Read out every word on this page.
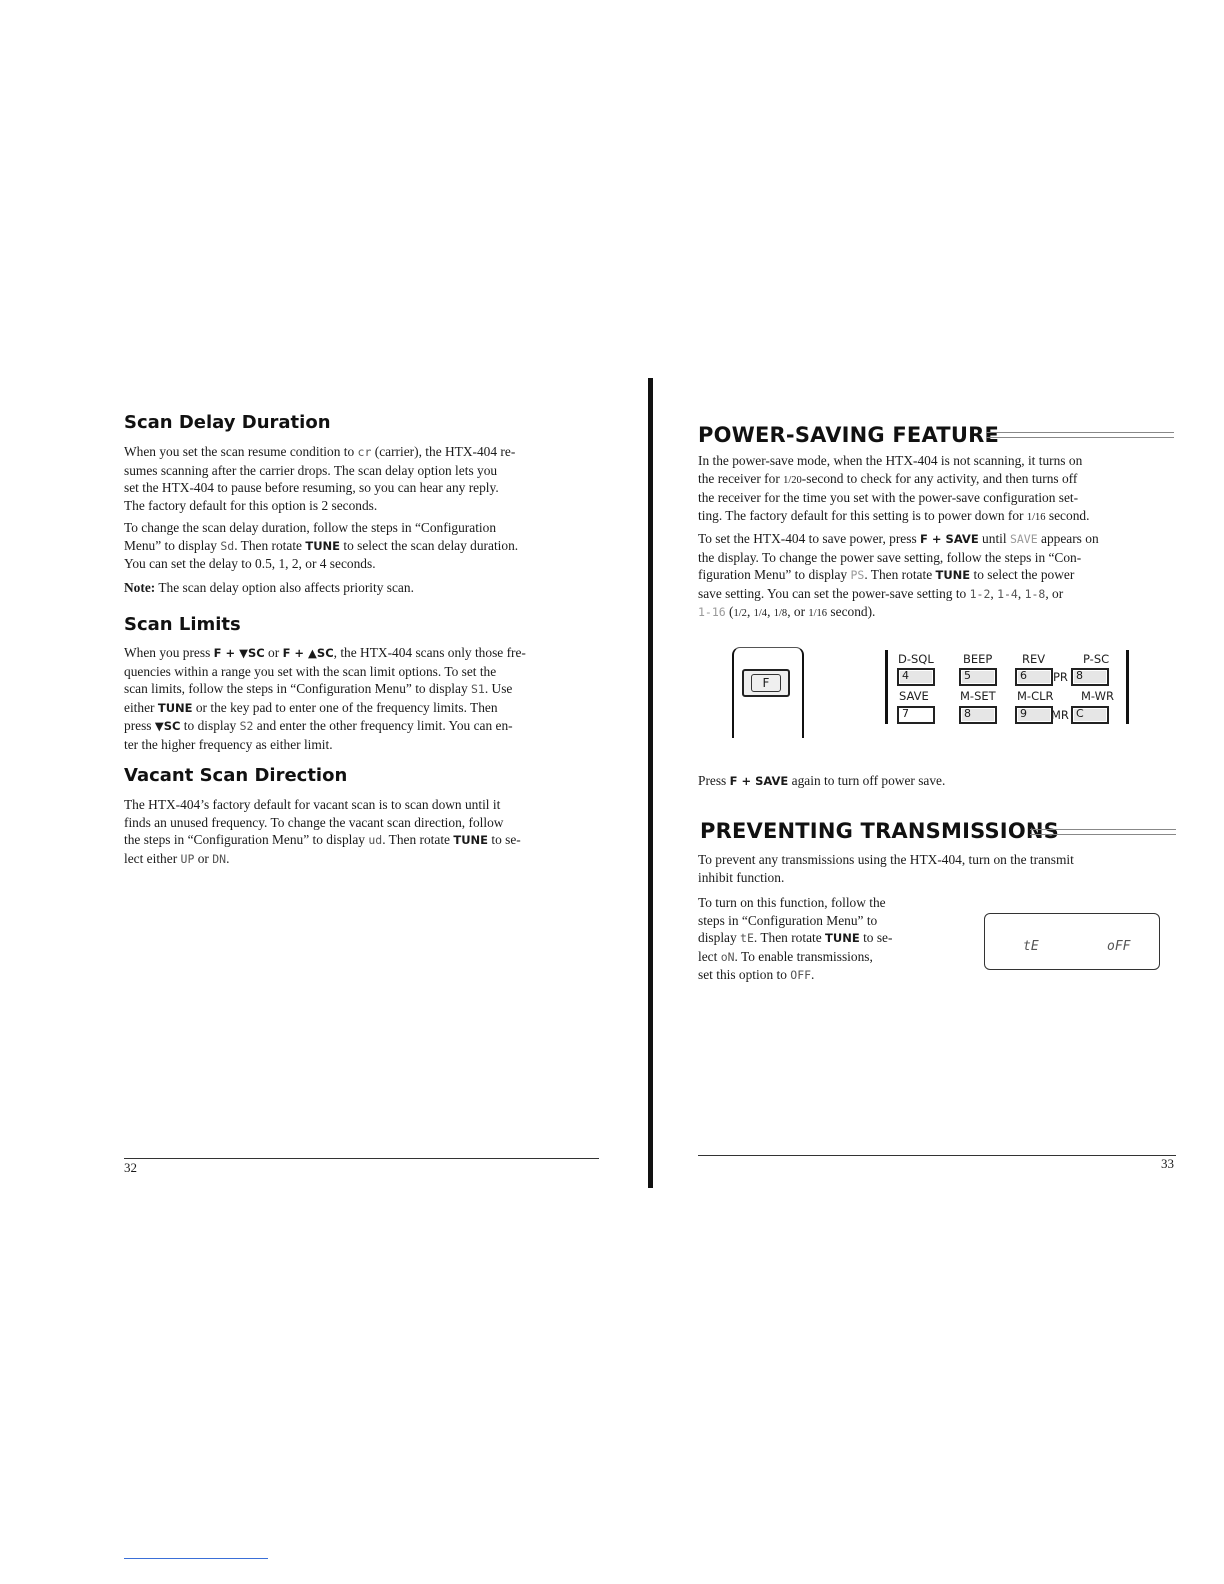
Scan Delay Duration

When you set the scan resume condition to cr (carrier), the HTX-404 re-
sumes scanning after the carrier drops. The scan delay option lets you
set the HTX-404 to pause before resuming, so you can hear any reply.
The factory default for this option is 2 seconds.

To change the scan delay duration, follow the steps in “Configuration
Menu” to display Sd. Then rotate TUNE to select the scan delay duration.
You can set the delay to 0.5, 1, 2, or 4 seconds.

Note: The scan delay option also affects priority scan.

Scan Limits

When you press F + ▼SC or F + ▲SC, the HTX-404 scans only those fre-
quencies within a range you set with the scan limit options. To set the
scan limits, follow the steps in “Configuration Menu” to display S1. Use
either TUNE or the key pad to enter one of the frequency limits. Then
press ▼SC to display S2 and enter the other frequency limit. You can en-
ter the higher frequency as either limit.

Vacant Scan Direction

The HTX-404’s factory default for vacant scan is to scan down until it
finds an unused frequency. To change the vacant scan direction, follow
the steps in “Configuration Menu” to display ud. Then rotate TUNE to se-
lect either UP or DN.

32
POWER-SAVING FEATURE

In the power-save mode, when the HTX-404 is not scanning, it turns on
the receiver for 1/20-second to check for any activity, and then turns off
the receiver for the time you set with the power-save configuration set-
ting. The factory default for this setting is to power down for 1/16 second.

To set the HTX-404 to save power, press F + SAVE until SAVE appears on
the display. To change the power save setting, follow the steps in “Con-
figuration Menu” to display PS. Then rotate TUNE to select the power
save setting. You can set the power-save setting to 1-2, 1-4, 1-8, or
1-16 (1/2, 1/4, 1/8, or 1/16 second).

F
D-SQL	BEEP	REV	P-SC
4	5	6 PR 8
SAVE	M-SET M-CLR M-WR
7	8	9 MR C

Press F + SAVE again to turn off power save.

PREVENTING TRANSMISSIONS

To prevent any transmissions using the HTX-404, turn on the transmit
inhibit function.

To turn on this function, follow the
steps in “Configuration Menu” to
display tE. Then rotate TUNE to se-
lect oN. To enable transmissions,
set this option to OFF.

tE	oFF
33
